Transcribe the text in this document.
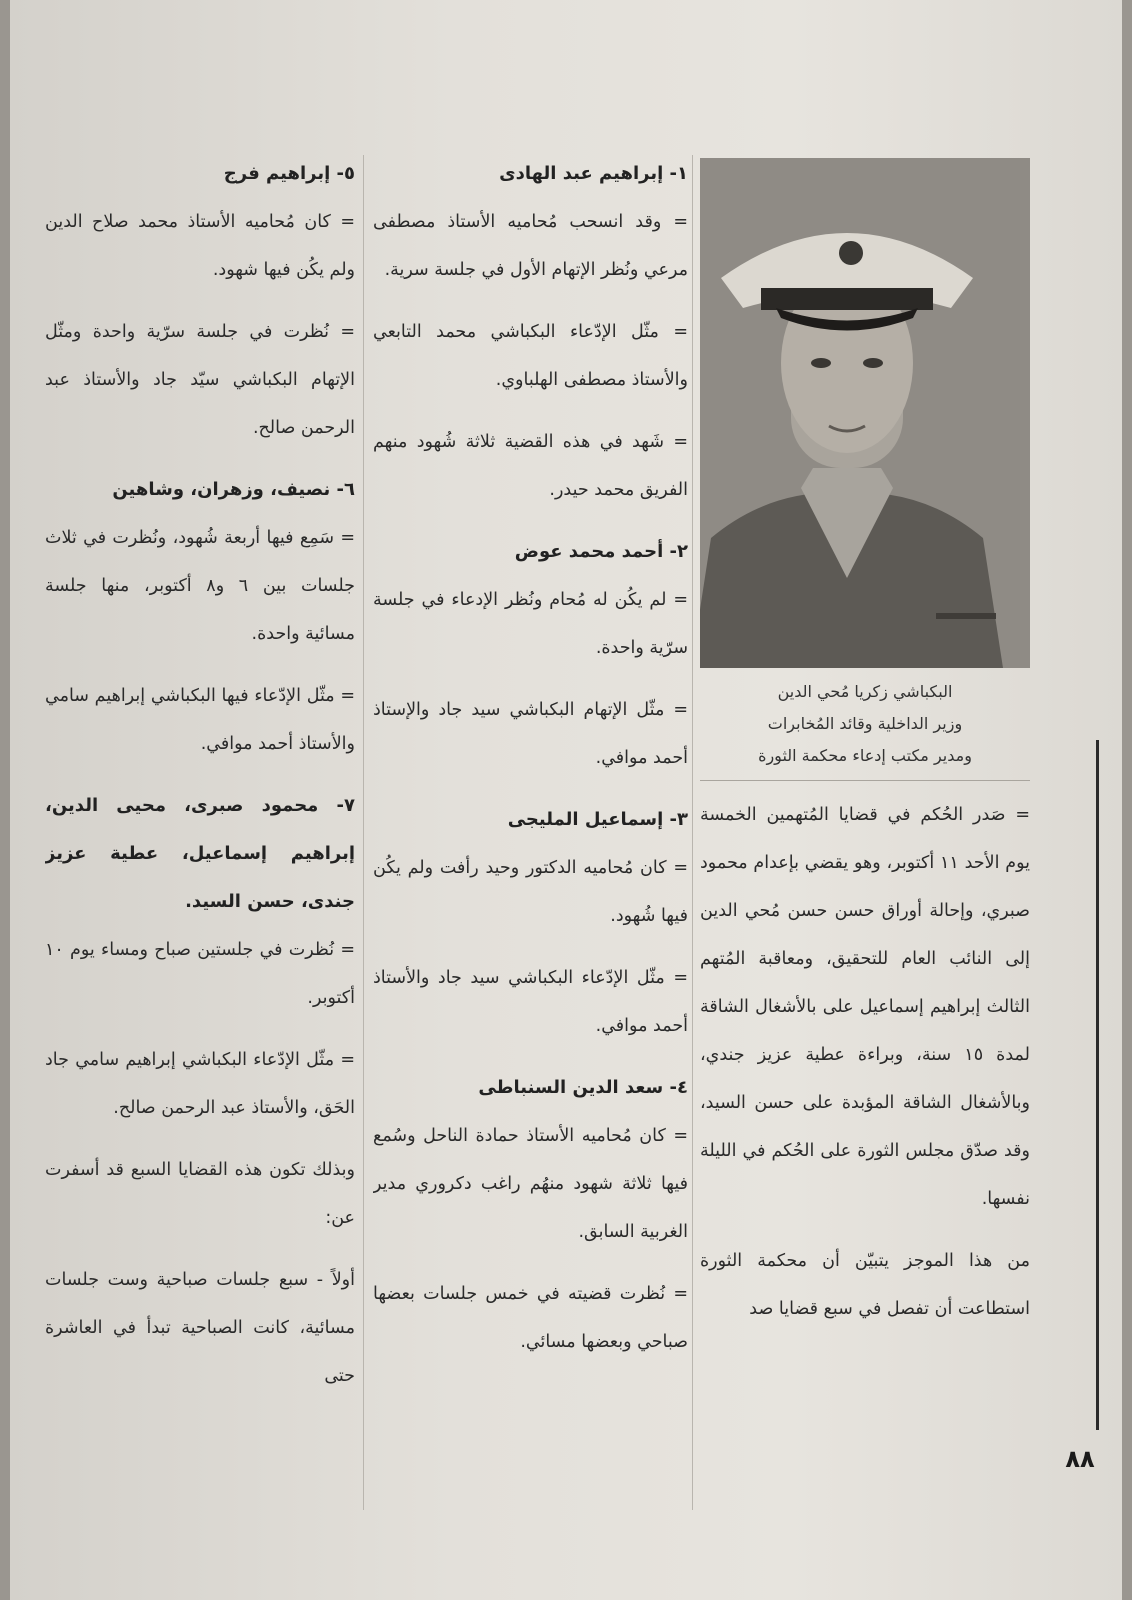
البكباشي زكريا مُحي الدين
وزير الداخلية وقائد المُخابرات
ومدير مكتب إدعاء محكمة الثورة

= صَدر الحُكم في قضايا المُتهمين الخمسة يوم الأحد ١١ أكتوبر، وهو يقضي بإعدام محمود صبري، وإحالة أوراق حسن حسن مُحي الدين إلى النائب العام للتحقيق، ومعاقبة المُتهم الثالث إبراهيم إسماعيل على بالأشغال الشاقة لمدة ١٥ سنة، وبراءة عطية عزيز جندي، وبالأشغال الشاقة المؤبدة على حسن السيد، وقد صدّق مجلس الثورة على الحُكم في الليلة نفسها.

من هذا الموجز يتبيّن أن محكمة الثورة استطاعت أن تفصل في سبع قضايا صد

١- إبراهيم عبد الهادى

= وقد انسحب مُحاميه الأستاذ مصطفى مرعي ونُظر الإتهام الأول في جلسة سرية.

= مثّل الإدّعاء البكباشي محمد التابعي والأستاذ مصطفى الهلباوي.

= شَهد في هذه القضية ثلاثة شُهود منهم الفريق محمد حيدر.

٢- أحمد محمد عوض

= لم يكُن له مُحام ونُظر الإدعاء في جلسة سرّية واحدة.

= مثّل الإتهام البكباشي سيد جاد والإستاذ أحمد موافي.

٣- إسماعيل المليجى

= كان مُحاميه الدكتور وحيد رأفت ولم يكُن فيها شُهود.

= مثّل الإدّعاء البكباشي سيد جاد والأستاذ أحمد موافي.

٤- سعد الدين السنباطى

= كان مُحاميه الأستاذ حمادة الناحل وسُمع فيها ثلاثة شهود منهُم راغب دكروري مدير الغربية السابق.

= نُظرت قضيته في خمس جلسات بعضها صباحي وبعضها مسائي.

٥- إبراهيم فرج

= كان مُحاميه الأستاذ محمد صلاح الدين ولم يكُن فيها شهود.

= نُظرت في جلسة سرّية واحدة ومثّل الإتهام البكباشي سيّد جاد والأستاذ عبد الرحمن صالح.

٦- نصيف، وزهران، وشاهين

= سَمِع فيها أربعة شُهود، ونُظرت في ثلاث جلسات بين ٦ و٨ أكتوبر، منها جلسة مسائية واحدة.

= مثّل الإدّعاء فيها البكباشي إبراهيم سامي والأستاذ أحمد موافي.

٧- محمود صبرى، محيى الدين، إبراهيم إسماعيل، عطية عزيز جندى، حسن السيد.

= نُظرت في جلستين صباح ومساء يوم ١٠ أكتوبر.

= مثّل الإدّعاء البكباشي إبراهيم سامي جاد الحَق، والأستاذ عبد الرحمن صالح.

وبذلك تكون هذه القضايا السبع قد أسفرت عن:

أولاً - سبع جلسات صباحية وست جلسات مسائية، كانت الصباحية تبدأ في العاشرة حتى

٨٨
